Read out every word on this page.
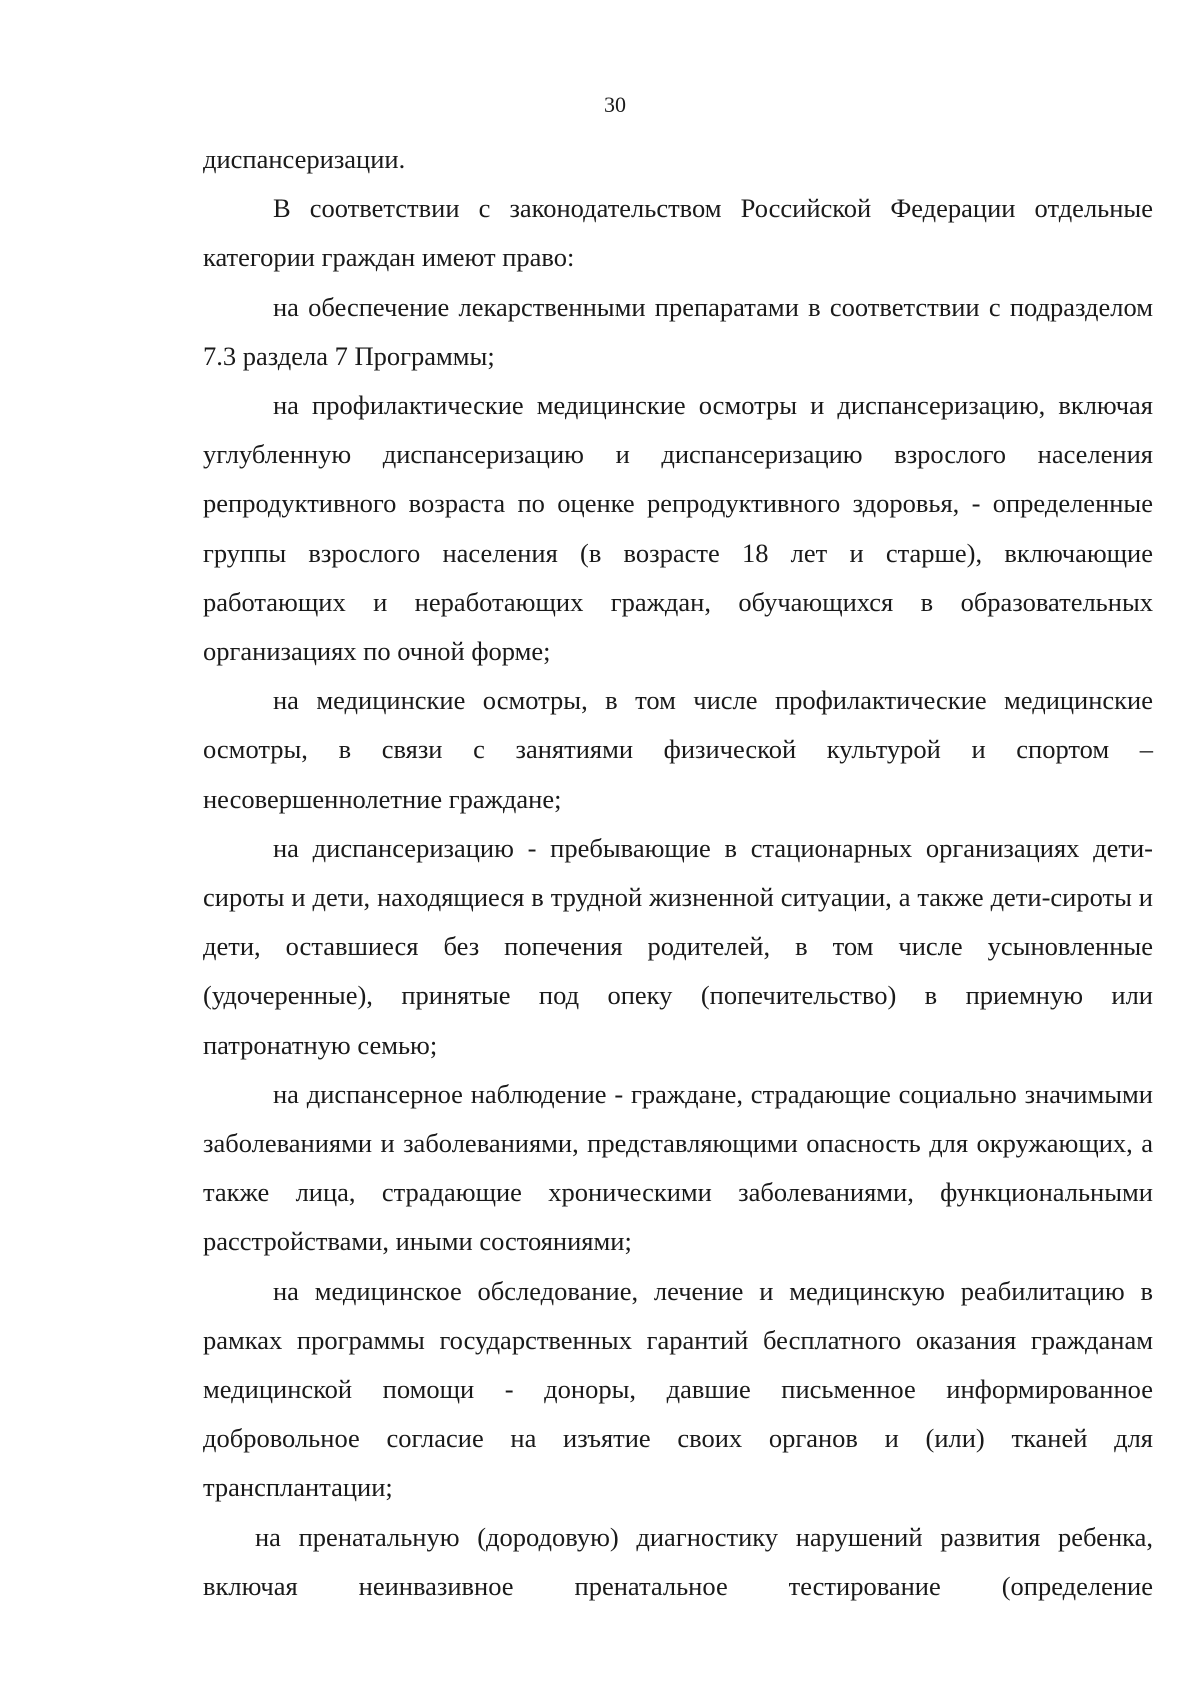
30

диспансеризации.

В соответствии с законодательством Российской Федерации отдельные категории граждан имеют право:

на обеспечение лекарственными препаратами в соответствии с подразделом 7.3 раздела 7 Программы;

на профилактические медицинские осмотры и диспансеризацию, включая углубленную диспансеризацию и диспансеризацию взрослого населения репродуктивного возраста по оценке репродуктивного здоровья, - определенные группы взрослого населения (в возрасте 18 лет и старше), включающие работающих и неработающих граждан, обучающихся в образовательных организациях по очной форме;

на медицинские осмотры, в том числе профилактические медицинские осмотры, в связи с занятиями физической культурой и спортом – несовершеннолетние граждане;

на диспансеризацию - пребывающие в стационарных организациях дети-сироты и дети, находящиеся в трудной жизненной ситуации, а также дети-сироты и дети, оставшиеся без попечения родителей, в том числе усыновленные (удочеренные), принятые под опеку (попечительство) в приемную или патронатную семью;

на диспансерное наблюдение - граждане, страдающие социально значимыми заболеваниями и заболеваниями, представляющими опасность для окружающих, а также лица, страдающие хроническими заболеваниями, функциональными расстройствами, иными состояниями;

на медицинское обследование, лечение и медицинскую реабилитацию в рамках программы государственных гарантий бесплатного оказания гражданам медицинской помощи - доноры, давшие письменное информированное добровольное согласие на изъятие своих органов и (или) тканей для трансплантации;

на пренатальную (дородовую) диагностику нарушений развития ребенка, включая неинвазивное пренатальное тестирование (определение
